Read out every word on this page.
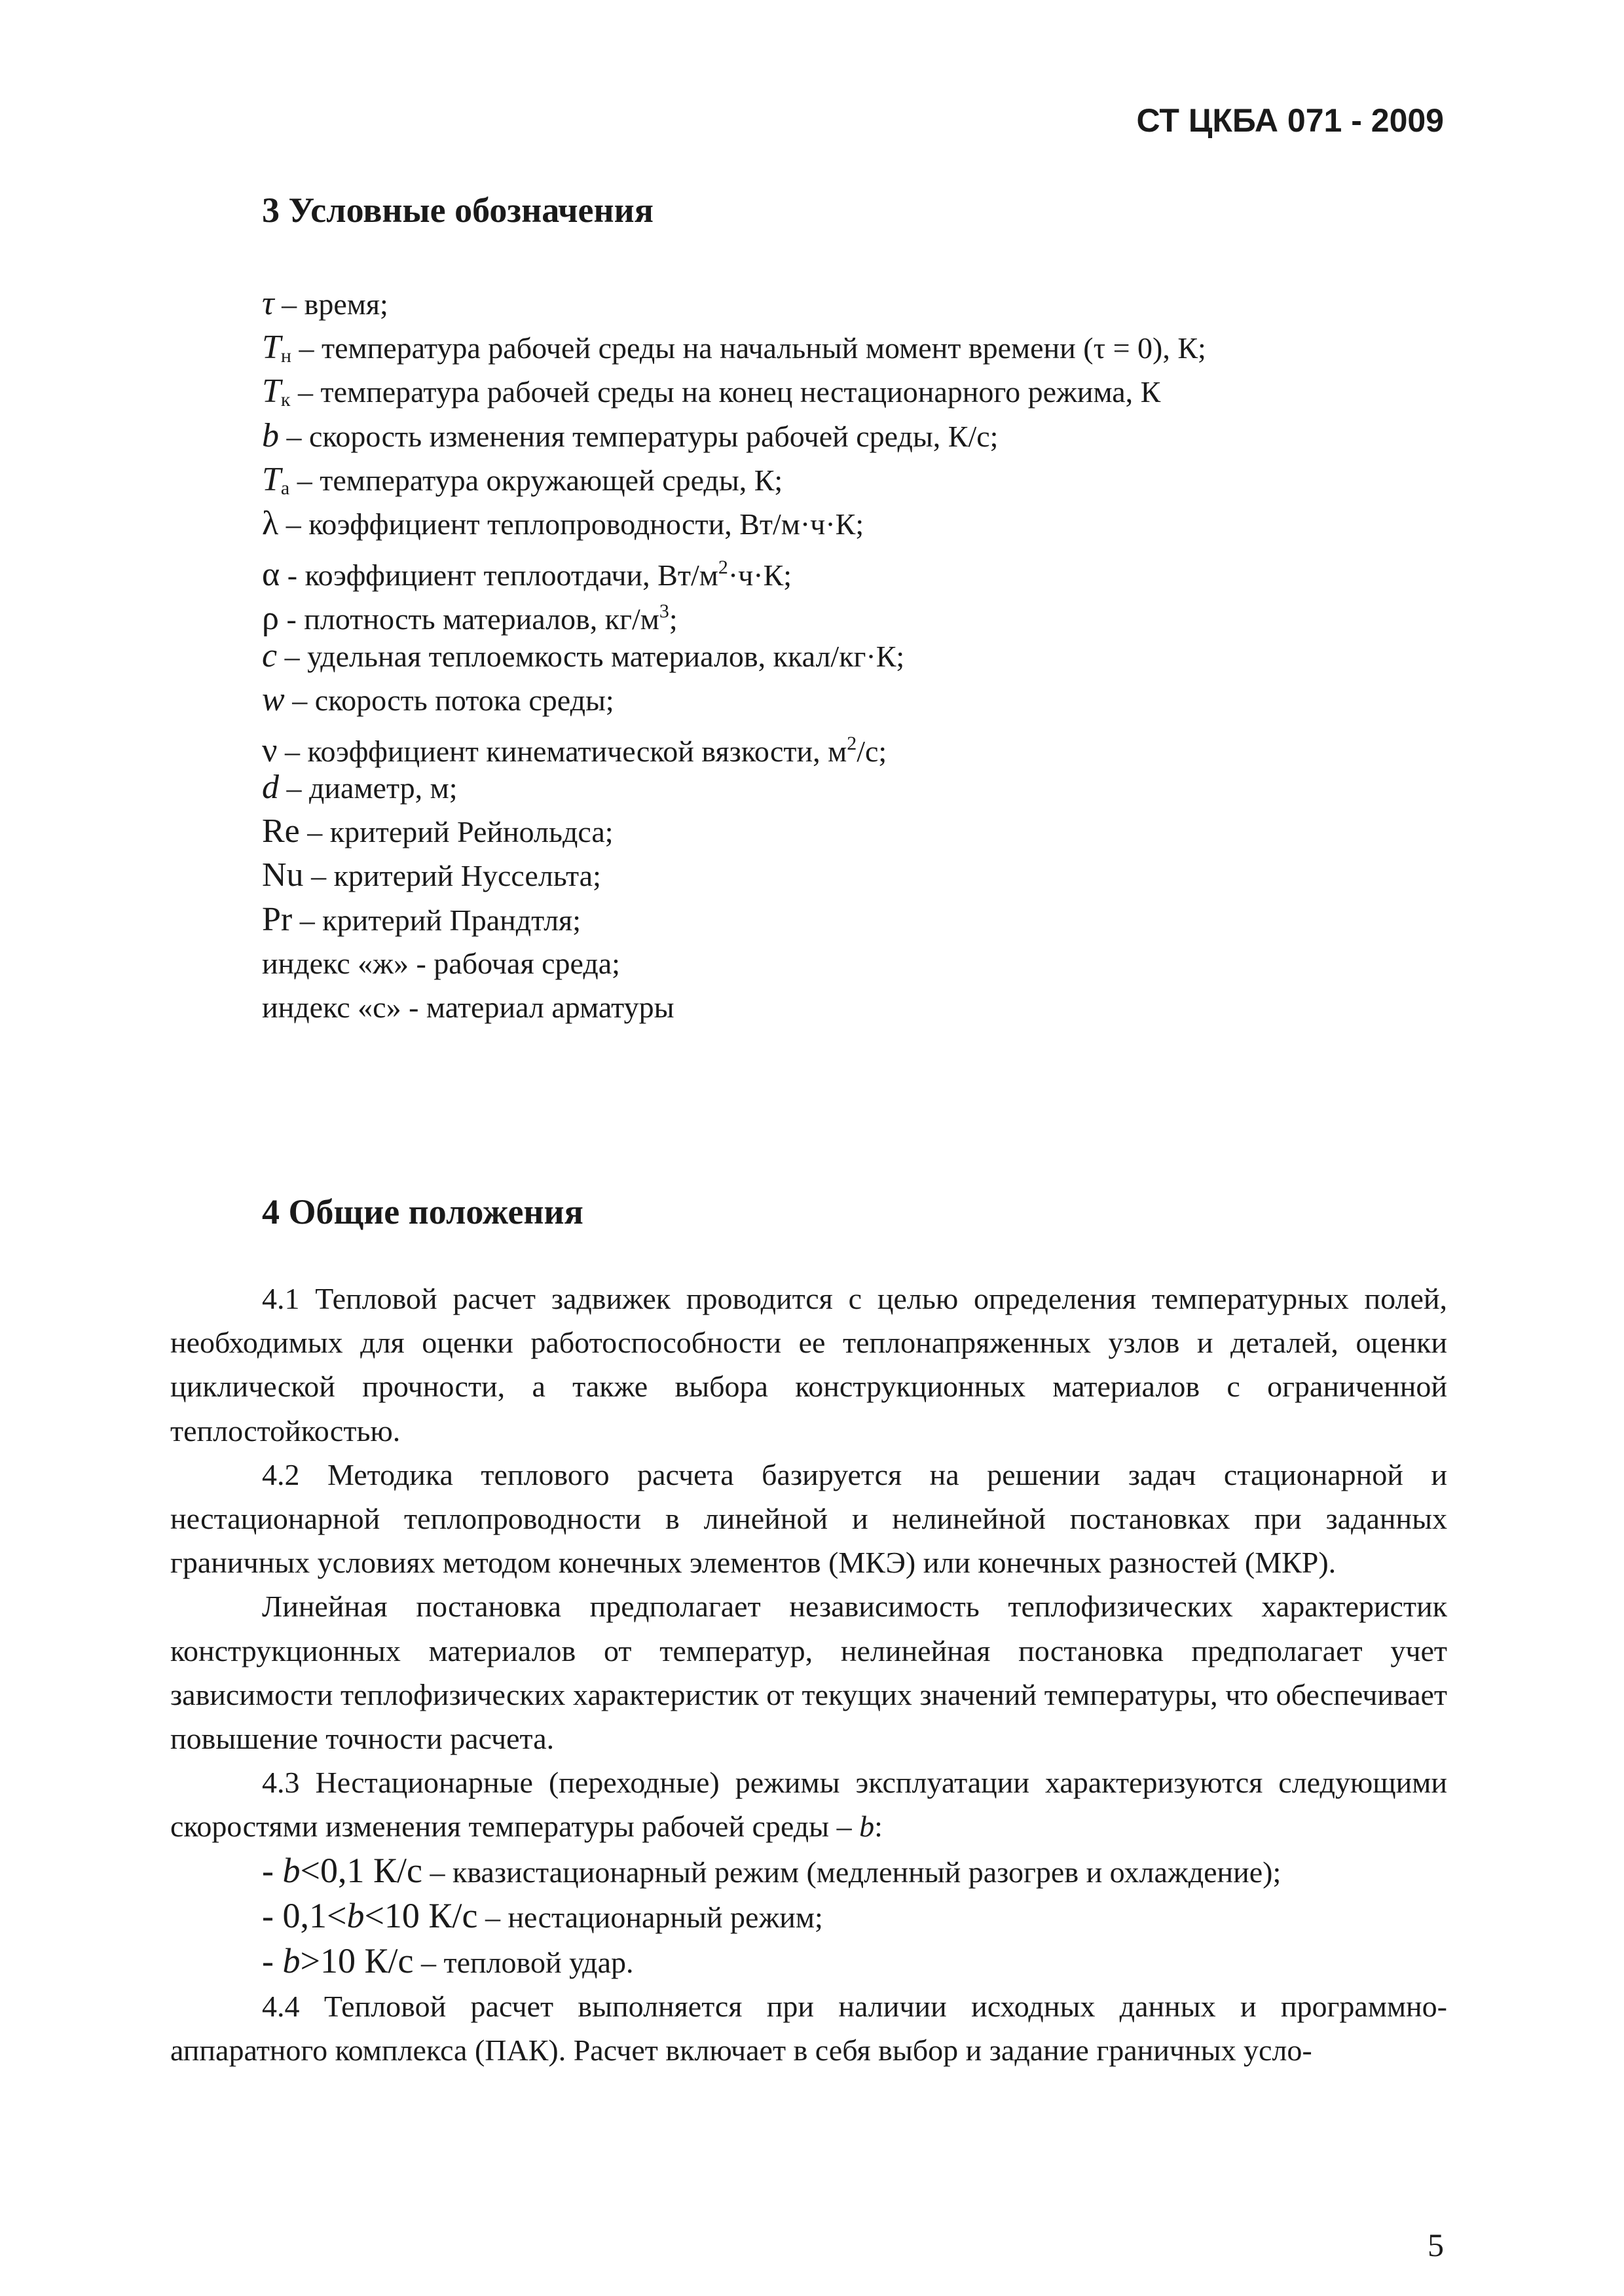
СТ ЦКБА 071 - 2009
3 Условные обозначения
τ – время;
$T_н$ – температура рабочей среды на начальный момент времени (τ = 0), К;
$T_к$ – температура рабочей среды на конец нестационарного режима, К
b – скорость изменения температуры рабочей среды, К/с;
$T_a$ – температура окружающей среды, К;
λ – коэффициент теплопроводности, Вт/м·ч·К;
α - коэффициент теплоотдачи, $Вт/м^2\cdot ч\cdot К$;
ρ - плотность материалов, $кг/м^3$;
c – удельная теплоемкость материалов, ккал/кг·К;
w – скорость потока среды;
ν – коэффициент кинематической вязкости, $м^2/с$;
d – диаметр, м;
Re – критерий Рейнольдса;
Nu – критерий Нуссельта;
Pr – критерий Прандтля;
индекс «ж» - рабочая среда;
индекс «с» - материал арматуры
4 Общие положения

4.1 Тепловой расчет задвижек проводится с целью определения температурных полей, необходимых для оценки работоспособности ее теплонапряженных узлов и деталей, оценки циклической прочности, а также выбора конструкционных материалов с ограниченной теплостойкостью.

4.2 Методика теплового расчета базируется на решении задач стационарной и нестационарной теплопроводности в линейной и нелинейной постановках при заданных граничных условиях методом конечных элементов (МКЭ) или конечных разностей (МКР).

Линейная постановка предполагает независимость теплофизических характеристик конструкционных материалов от температур, нелинейная постановка предполагает учет зависимости теплофизических характеристик от текущих значений температуры, что обеспечивает повышение точности расчета.

4.3 Нестационарные (переходные) режимы эксплуатации характеризуются следующими скоростями изменения температуры рабочей среды – b:

- b<0,1 К/с – квазистационарный режим (медленный разогрев и охлаждение);
- 0,1<b<10 К/с – нестационарный режим;
- b>10 К/с – тепловой удар.

4.4 Тепловой расчет выполняется при наличии исходных данных и программно-аппаратного комплекса (ПАК). Расчет включает в себя выбор и задание граничных усло-

5
